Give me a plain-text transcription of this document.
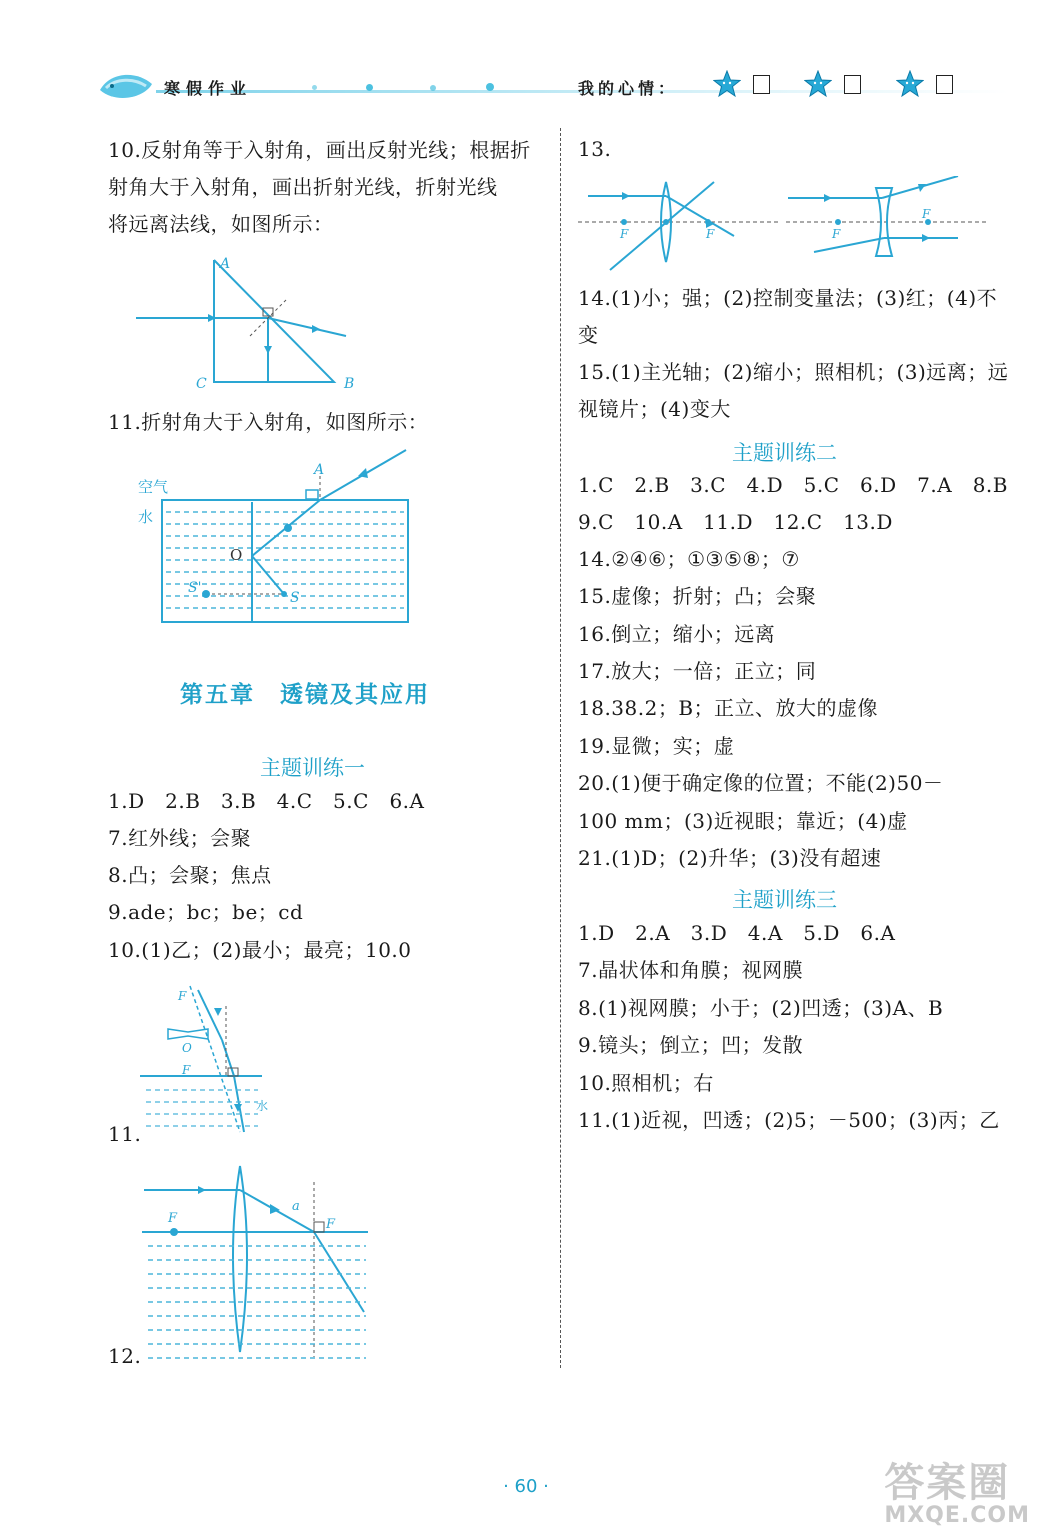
寒假作业	我的心情：
10.反射角等于入射角，画出反射光线；根据折
射角大于入射角，画出折射光线，折射光线
将远离法线，如图所示：
A
C	B
11.折射角大于入射角，如图所示：
空气
水
O
A
S'
S
第五章　透镜及其应用
主题训练一
1.D　2.B　3.B　4.C　5.C　6.A
7.红外线；会聚
8.凸；会聚；焦点
9.ade；bc；be；cd
10.(1)乙；(2)最小；最亮；10.0
F
O
F
水
11.
F
a
F
12.
13.
F	F	F
F
14.(1)小；强；(2)控制变量法；(3)红；(4)不
变
15.(1)主光轴；(2)缩小；照相机；(3)远离；远
视镜片；(4)变大
主题训练二
1.C　2.B　3.C　4.D　5.C　6.D　7.A　8.B
9.C　10.A　11.D　12.C　13.D
14.②④⑥；①③⑤⑧；⑦
15.虚像；折射；凸；会聚
16.倒立；缩小；远离
17.放大；一倍；正立；同
18.38.2；B；正立、放大的虚像
19.显微；实；虚
20.(1)便于确定像的位置；不能(2)50－
100 mm；(3)近视眼；靠近；(4)虚
21.(1)D；(2)升华；(3)没有超速
主题训练三
1.D　2.A　3.D　4.A　5.D　6.A
7.晶状体和角膜；视网膜
8.(1)视网膜；小于；(2)凹透；(3)A、B
9.镜头；倒立；凹；发散
10.照相机；右
11.(1)近视，凹透；(2)5；－500；(3)丙；乙
· 60 ·	答案圈
MXQE.COM
